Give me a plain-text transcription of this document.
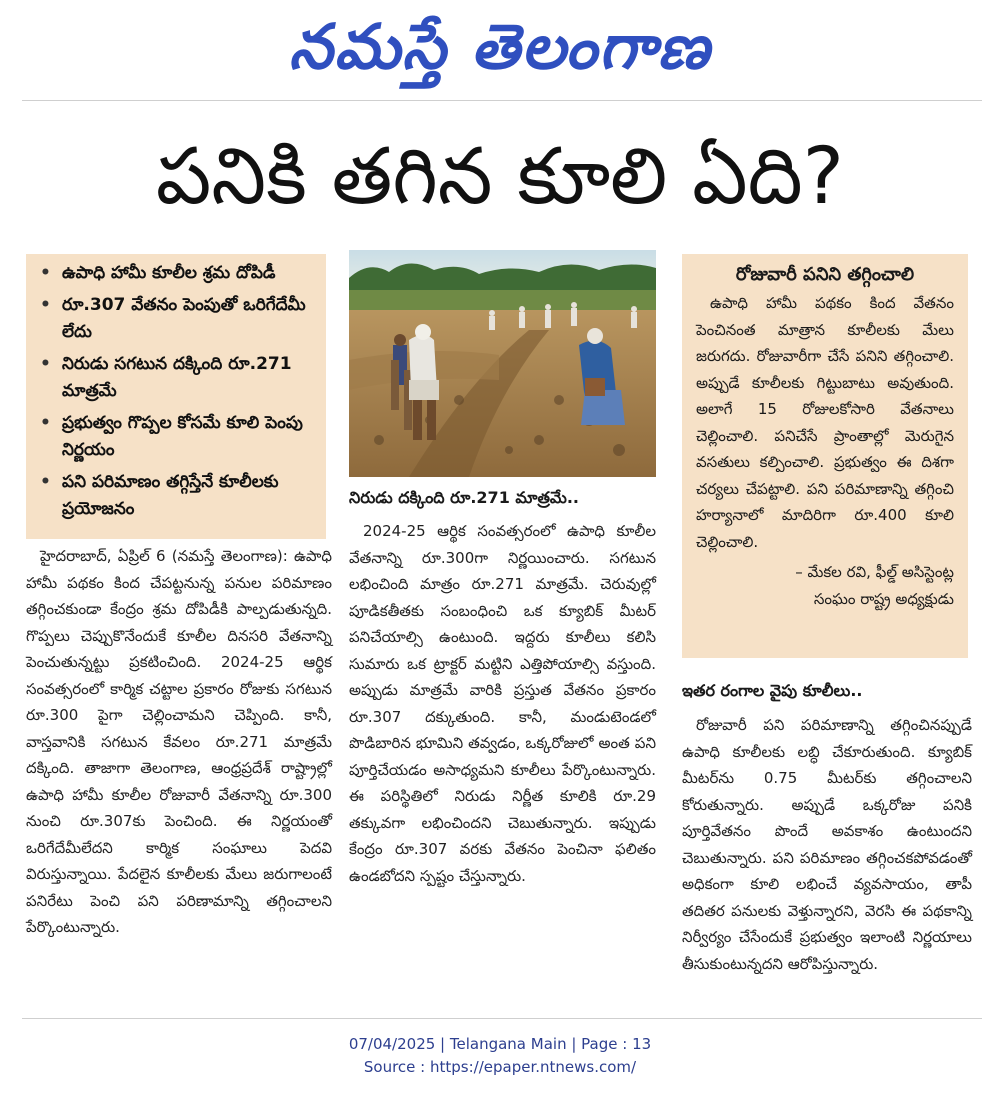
నమస్తే తెలంగాణ
పనికి తగిన కూలి ఏది?
• ఉపాధి హామీ కూలీల శ్రమ దోపిడీ
• రూ.307 వేతనం పెంపుతో ఒరిగేదేమీ లేదు
• నిరుడు సగటున దక్కింది రూ.271 మాత్రమే
• ప్రభుత్వం గొప్పల కోసమే కూలి పెంపు నిర్ణయం
• పని పరిమాణం తగ్గిస్తేనే కూలీలకు ప్రయోజనం
నిరుడు దక్కింది రూ.271 మాత్రమే..

హైదరాబాద్, ఏప్రిల్ 6 (నమస్తే తెలంగాణ): ఉపాధి హామీ పథకం కింద చేపట్టనున్న పనుల పరిమాణం తగ్గించకుండా కేంద్రం శ్రమ దోపిడీకి పాల్పడుతున్నది. గొప్పలు చెప్పుకొనేందుకే కూలీల దినసరి వేతనాన్ని పెంచుతున్నట్టు ప్రకటించింది. 2024-25 ఆర్థిక సంవత్సరంలో కార్మిక చట్టాల ప్రకారం రోజుకు సగటున రూ.300 పైగా చెల్లించామని చెప్పింది. కానీ, వాస్తవానికి సగటున కేవలం రూ.271 మాత్రమే దక్కింది. తాజాగా తెలంగాణ, ఆంధ్రప్రదేశ్ రాష్ట్రాల్లో ఉపాధి హామీ కూలీల రోజువారీ వేతనాన్ని రూ.300 నుంచి రూ.307కు పెంచింది. ఈ నిర్ణయంతో ఒరిగేదేమీలేదని కార్మిక సంఘాలు పెదవి విరుస్తున్నాయి. పేదలైన కూలీలకు మేలు జరుగాలంటే పనిరేటు పెంచి పని పరిణామాన్ని తగ్గించాలని పేర్కొంటున్నారు.

2024-25 ఆర్థిక సంవత్సరంలో ఉపాధి కూలీల వేతనాన్ని రూ.300గా నిర్ణయించారు. సగటున లభించింది మాత్రం రూ.271 మాత్రమే. చెరువుల్లో పూడికతీతకు సంబంధించి ఒక క్యూబిక్ మీటర్ పనిచేయాల్సి ఉంటుంది. ఇద్దరు కూలీలు కలిసి సుమారు ఒక ట్రాక్టర్ మట్టిని ఎత్తిపోయాల్సి వస్తుంది. అప్పుడు మాత్రమే వారికి ప్రస్తుత వేతనం ప్రకారం రూ.307 దక్కుతుంది. కానీ, మండుటెండలో పొడిబారిన భూమిని తవ్వడం, ఒక్కరోజులో అంత పని పూర్తిచేయడం అసాధ్యమని కూలీలు పేర్కొంటున్నారు. ఈ పరిస్థితిలో నిరుడు నిర్ణీత కూలికి రూ.29 తక్కువగా లభించిందని చెబుతున్నారు. ఇప్పుడు కేంద్రం రూ.307 వరకు వేతనం పెంచినా ఫలితం ఉండబోదని స్పష్టం చేస్తున్నారు.

రోజువారీ పనిని తగ్గించాలి

ఉపాధి హామీ పథకం కింద వేతనం పెంచినంత మాత్రాన కూలీలకు మేలు జరుగదు. రోజువారీగా చేసే పనిని తగ్గించాలి. అప్పుడే కూలీలకు గిట్టుబాటు అవుతుంది. అలాగే 15 రోజులకోసారి వేతనాలు చెల్లించాలి. పనిచేసే ప్రాంతాల్లో మెరుగైన వసతులు కల్పించాలి. ప్రభుత్వం ఈ దిశగా చర్యలు చేపట్టాలి. పని పరిమాణాన్ని తగ్గించి హర్యానాలో మాదిరిగా రూ.400 కూలి చెల్లించాలి.

– మేకల రవి, ఫీల్డ్ అసిస్టెంట్ల
సంఘం రాష్ట్ర అధ్యక్షుడు
ఇతర రంగాల వైపు కూలీలు..

రోజువారీ పని పరిమాణాన్ని తగ్గించినప్పుడే ఉపాధి కూలీలకు లబ్ధి చేకూరుతుంది. క్యూబిక్ మీటర్‌ను 0.75 మీటర్‌కు తగ్గించాలని కోరుతున్నారు. అప్పుడే ఒక్కరోజు పనికి పూర్తివేతనం పొందే అవకాశం ఉంటుందని చెబుతున్నారు. పని పరిమాణం తగ్గించకపోవడంతో అధికంగా కూలి లభించే వ్యవసాయం, తాపీ తదితర పనులకు వెళ్తున్నారని, వెరసి ఈ పథకాన్ని నిర్వీర్యం చేసేందుకే ప్రభుత్వం ఇలాంటి నిర్ణయాలు తీసుకుంటున్నదని ఆరోపిస్తున్నారు.

07/04/2025 | Telangana Main | Page : 13
Source : https://epaper.ntnews.com/
